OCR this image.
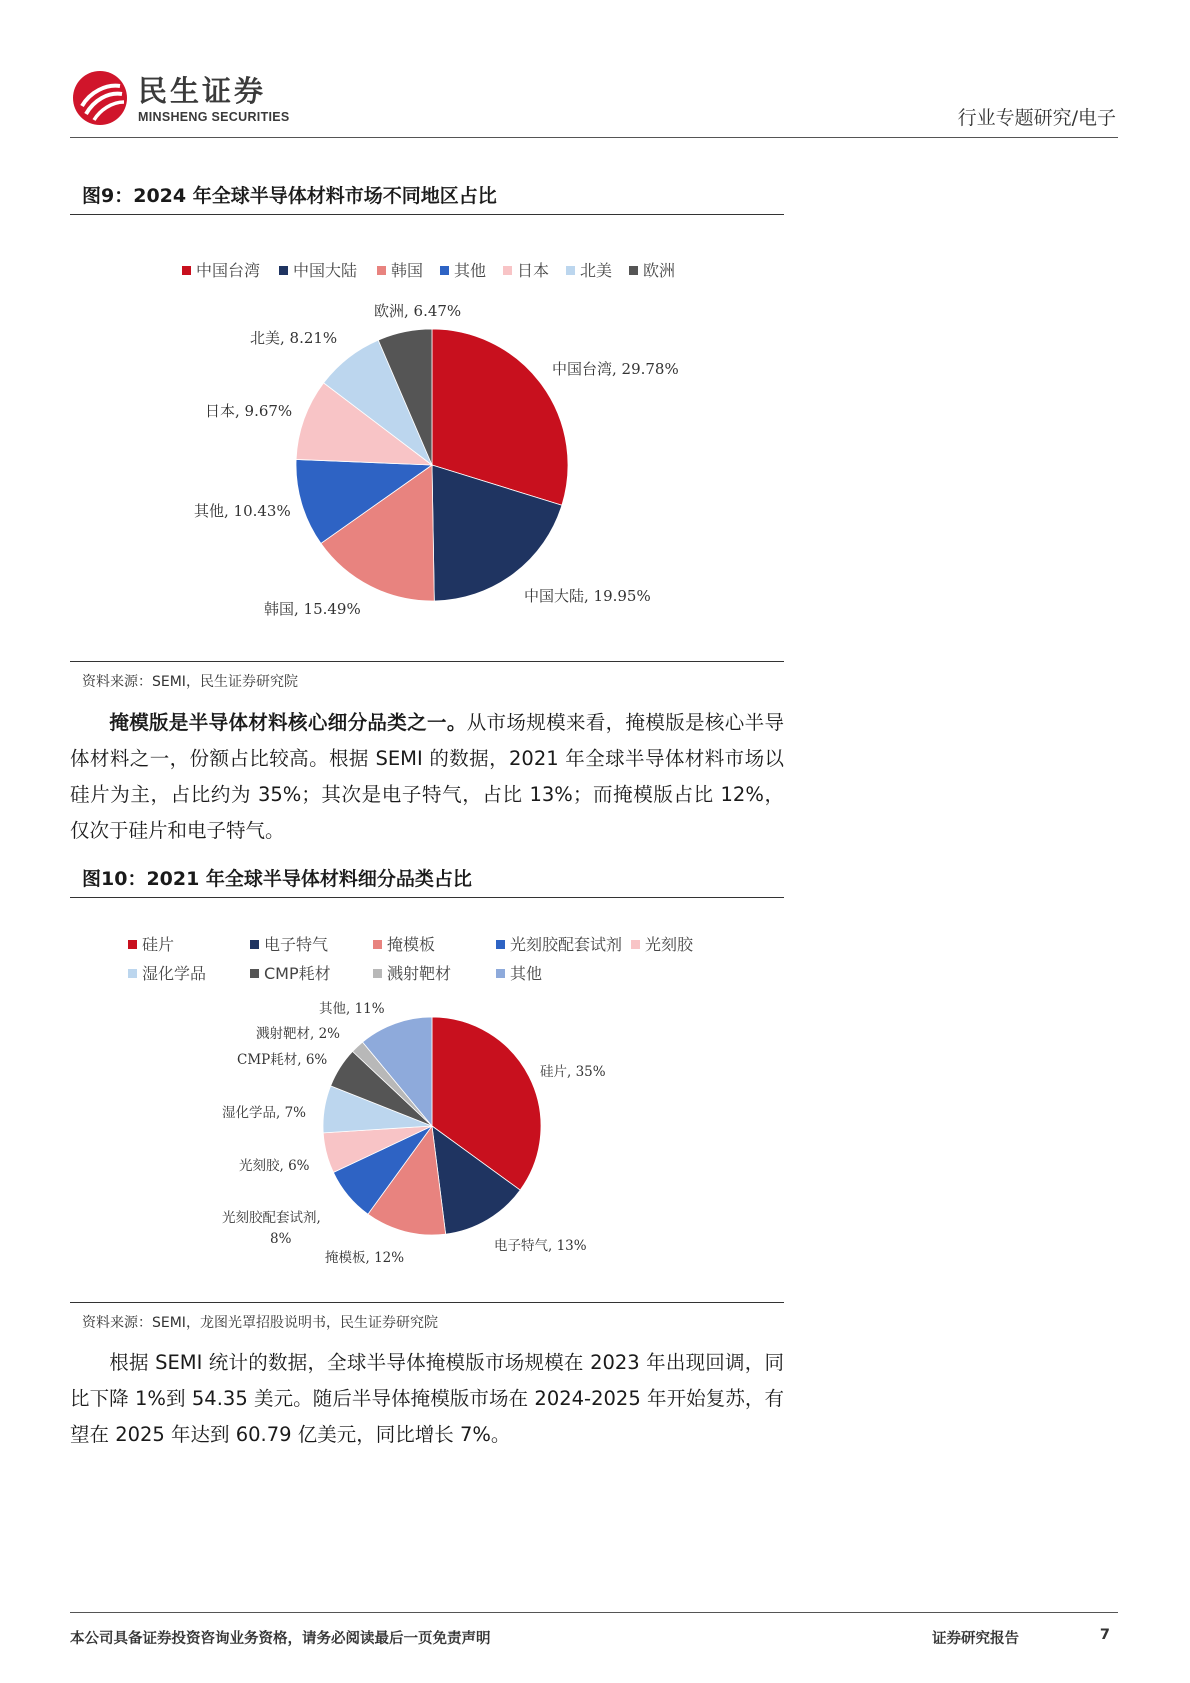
民生证券
MINSHENG SECURITIES	行业专题研究/电子
图9：2024 年全球半导体材料市场不同地区占比
中国台湾	中国大陆	韩国	其他	日本	北美	欧洲
中国台湾, 29.78%
中国大陆, 19.95%
韩国, 15.49%
其他, 10.43%
日本, 9.67%
北美, 8.21%
欧洲, 6.47%
资料来源：SEMI，民生证券研究院
掩模版是半导体材料核心细分品类之一。从市场规模来看，掩模版是核心半导体材料之一，份额占比较高。根据 SEMI 的数据，2021 年全球半导体材料市场以硅片为主，占比约为 35%；其次是电子特气，占比 13%；而掩模版占比 12%，仅次于硅片和电子特气。
图10：2021 年全球半导体材料细分品类占比
硅片	电子特气	掩模板	光刻胶配套试剂	光刻胶
湿化学品	CMP耗材	溅射靶材	其他
硅片, 35%
电子特气, 13%
掩模板, 12%
光刻胶配套试剂,
8%
光刻胶, 6%
湿化学品, 7%
CMP耗材, 6%
溅射靶材, 2%
其他, 11%
资料来源：SEMI，龙图光罩招股说明书，民生证券研究院
根据 SEMI 统计的数据，全球半导体掩模版市场规模在 2023 年出现回调，同比下降 1%到 54.35 美元。随后半导体掩模版市场在 2024-2025 年开始复苏，有望在 2025 年达到 60.79 亿美元，同比增长 7%。
本公司具备证券投资咨询业务资格，请务必阅读最后一页免责声明	证券研究报告	7
